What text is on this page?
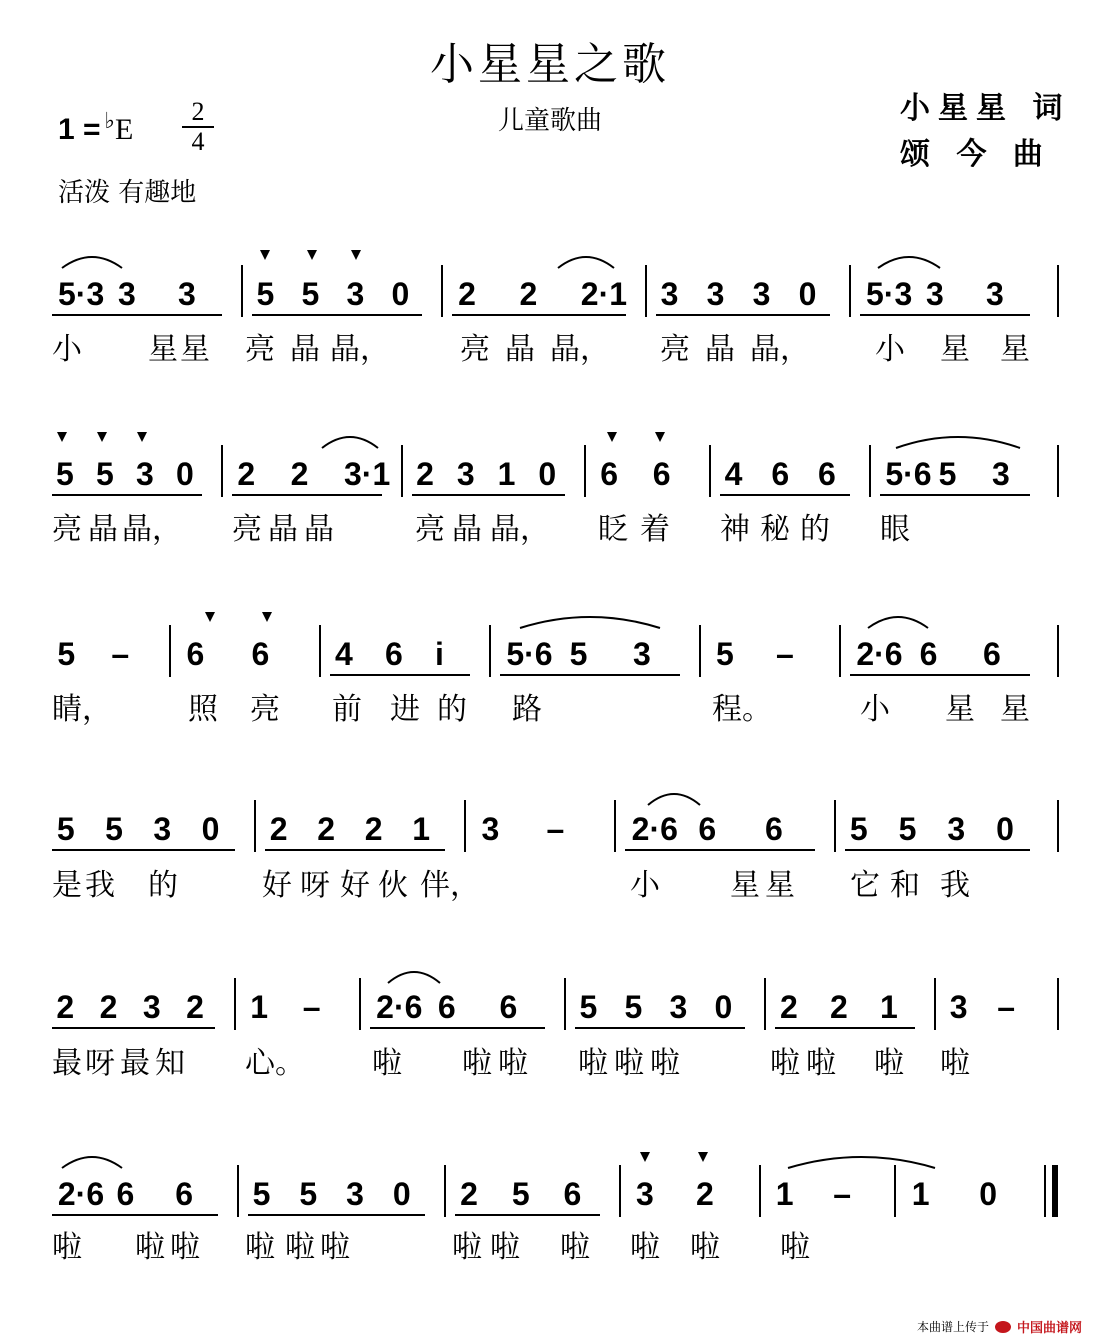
小星星之歌
儿童歌曲
$1 = ^♭E \frac{2}{4}$	小星星 词
颂 今 曲
活泼 有趣地
5·3 3 3 5 5 3 0 2 2 2·1 3 3 3 0 5·3 3 3
5 5 3 0 2 2 3·1 2 3 1 0 6 6 4 6 6 5·6 5 3
5 – 6 6 4 6 i 5·6 5 3 5 – 2·6 6 6
5 5 3 0 2 2 2 1 3 – 2·6 6 6 5 5 3 0
2 2 3 2 1 – 2·6 6 6 5 5 3 0 2 2 1 3 –
2·6 6 6 5 5 3 0 2 5 6 3 2 1 – 1 0
小 星 星 亮 晶 晶， 亮 晶 晶， 亮 晶 晶， 小 星 星
亮 晶 晶， 亮 晶 晶	亮 晶 晶， 眨 着 神 秘 的 眼
睛，	照 亮 前 进 的 路	程。	小 星 星
是 我 的	好 呀 好 伙 伴，	小 星 星 它 和 我
最 呀 最 知 心。 啦 啦 啦 啦 啦 啦	啦 啦 啦 啦
啦 啦 啦 啦 啦 啦	啦 啦 啦 啦 啦 啦
本曲谱上传于 中国曲谱网
